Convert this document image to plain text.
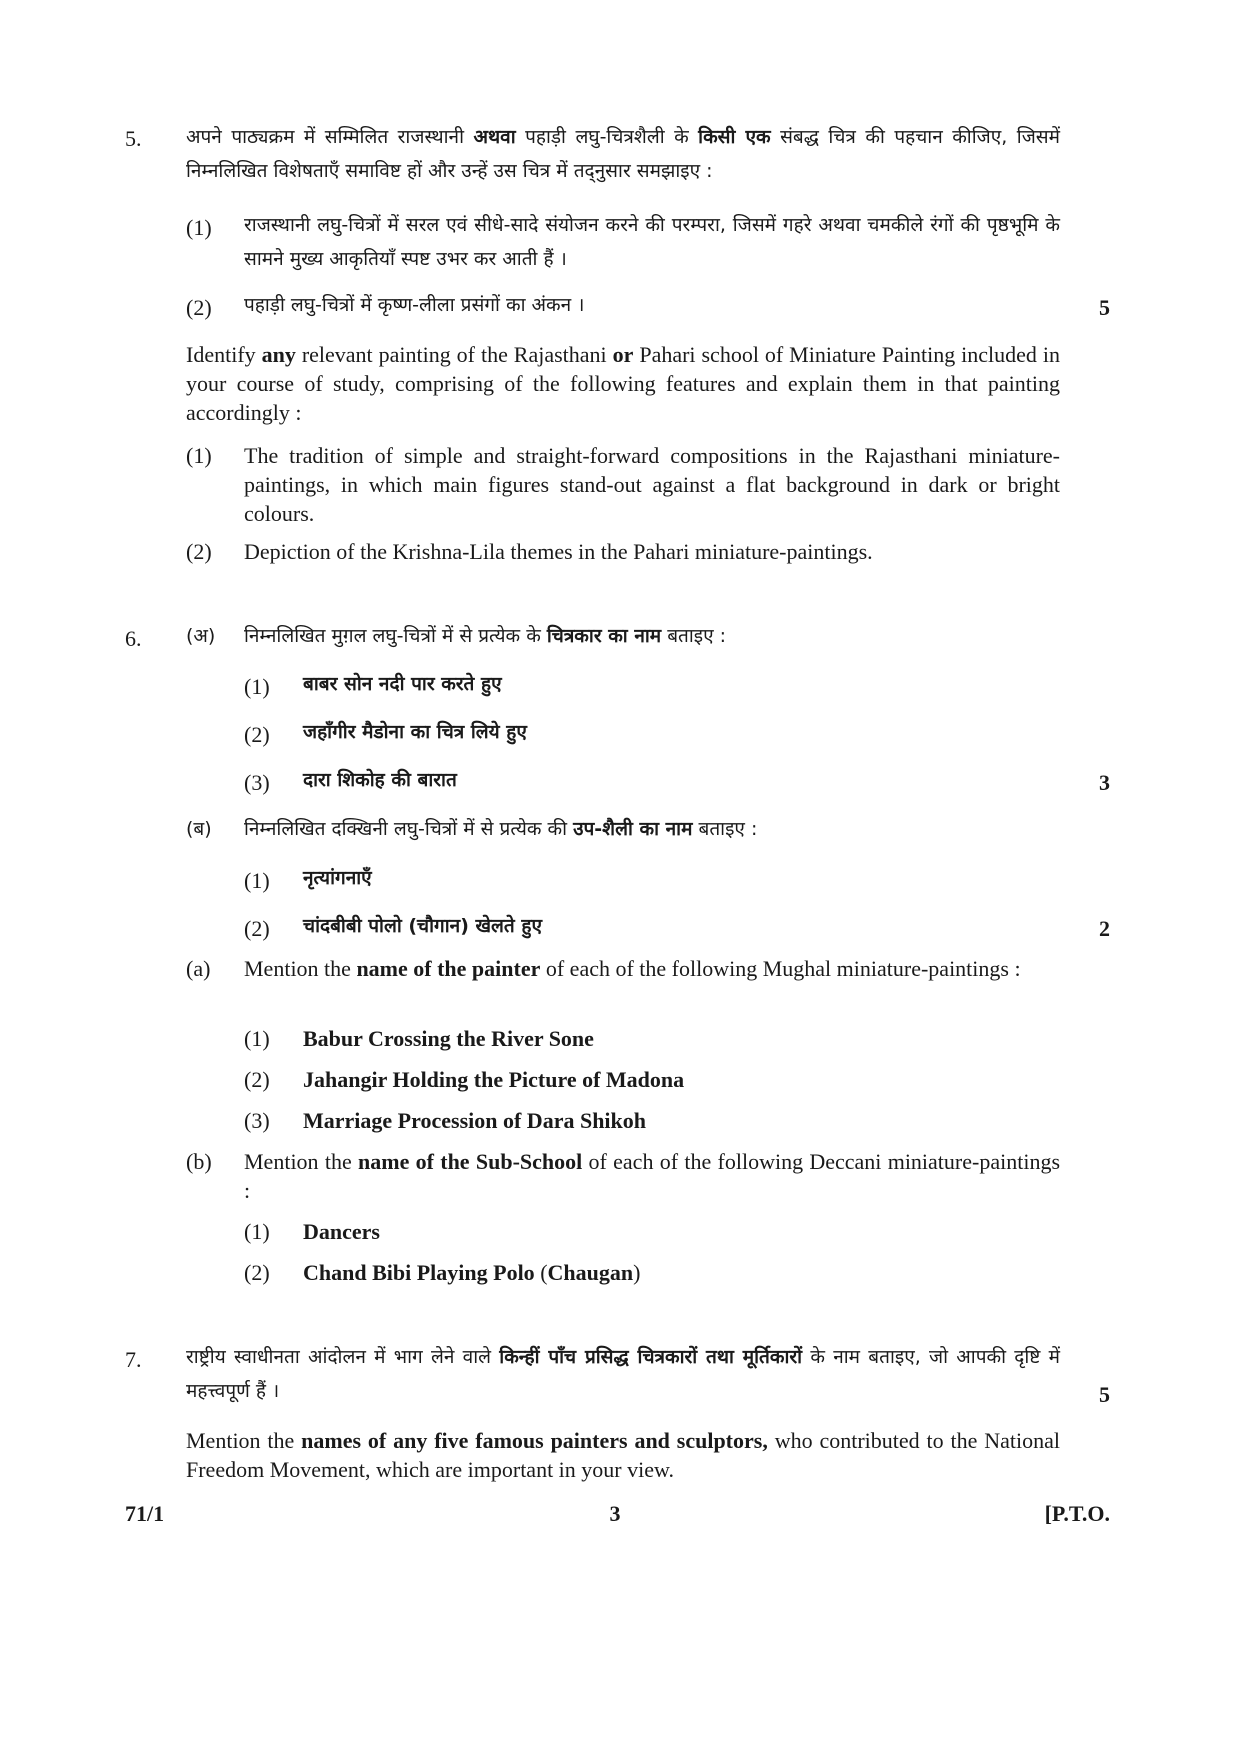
5.	अपने पाठ्यक्रम में सम्मिलित राजस्थानी अथवा पहाड़ी लघु-चित्रशैली के किसी एक संबद्ध चित्र की पहचान कीजिए, जिसमें निम्नलिखित विशेषताएँ समाविष्ट हों और उन्हें उस चित्र में तद्नुसार समझाइए :
(1)	राजस्थानी लघु-चित्रों में सरल एवं सीधे-सादे संयोजन करने की परम्परा, जिसमें गहरे अथवा चमकीले रंगों की पृष्ठभूमि के सामने मुख्य आकृतियाँ स्पष्ट उभर कर आती हैं ।
(2)	पहाड़ी लघु-चित्रों में कृष्ण-लीला प्रसंगों का अंकन ।	5
Identify any relevant painting of the Rajasthani or Pahari school of Miniature Painting included in your course of study, comprising of the following features and explain them in that painting accordingly :
(1)	The tradition of simple and straight-forward compositions in the Rajasthani miniature-paintings, in which main figures stand-out against a flat background in dark or bright colours.
(2)	Depiction of the Krishna-Lila themes in the Pahari miniature-paintings.
6.	(अ)	निम्नलिखित मुग़ल लघु-चित्रों में से प्रत्येक के चित्रकार का नाम बताइए :
(1)	बाबर सोन नदी पार करते हुए
(2)	जहाँगीर मैडोना का चित्र लिये हुए
(3)	दारा शिकोह की बारात	3
(ब)	निम्नलिखित दक्खिनी लघु-चित्रों में से प्रत्येक की उप-शैली का नाम बताइए :
(1)	नृत्यांगनाएँ
(2)	चांदबीबी पोलो (चौगान) खेलते हुए	2
(a)	Mention the name of the painter of each of the following Mughal miniature-paintings :
(1)	Babur Crossing the River Sone
(2)	Jahangir Holding the Picture of Madona
(3)	Marriage Procession of Dara Shikoh
(b)	Mention the name of the Sub-School of each of the following Deccani miniature-paintings :
(1)	Dancers
(2)	Chand Bibi Playing Polo (Chaugan)
7.	राष्ट्रीय स्वाधीनता आंदोलन में भाग लेने वाले किन्हीं पाँच प्रसिद्ध चित्रकारों तथा मूर्तिकारों के नाम बताइए, जो आपकी दृष्टि में महत्त्वपूर्ण हैं ।	5
Mention the names of any five famous painters and sculptors, who contributed to the National Freedom Movement, which are important in your view.
71/1	3	[P.T.O.
